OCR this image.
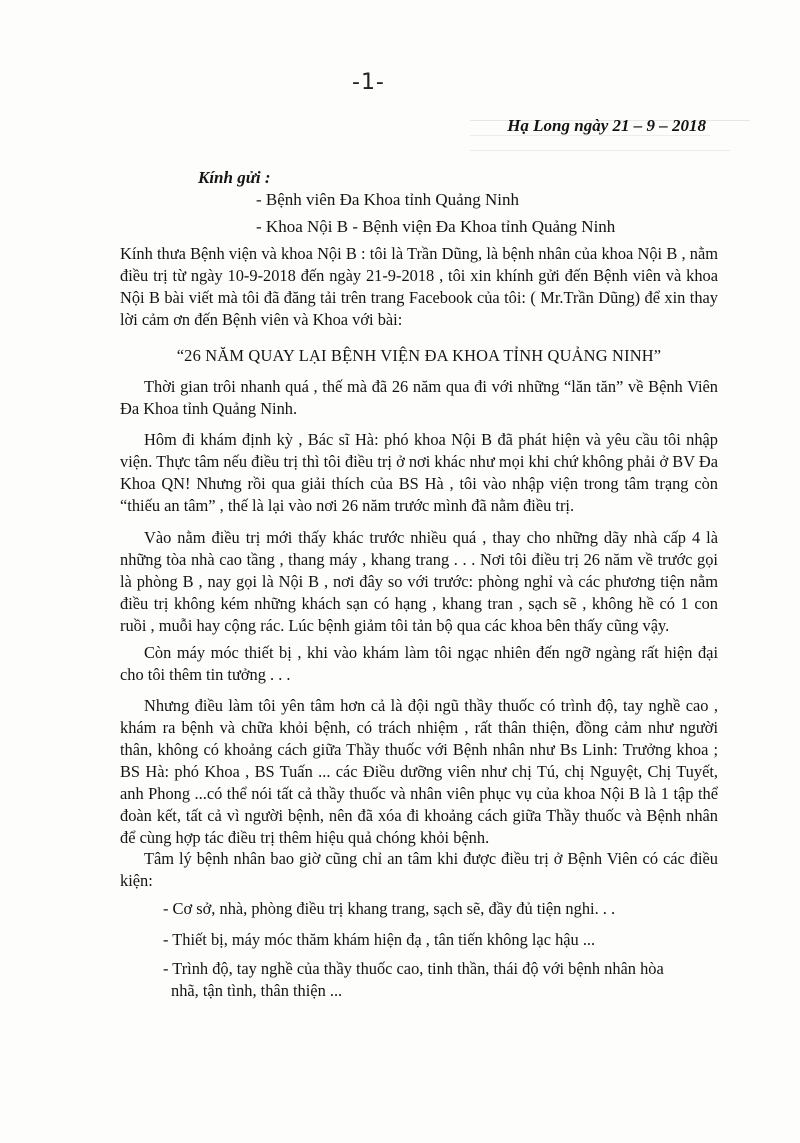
-1-
Hạ Long ngày 21 – 9 – 2018
Kính gửi :
- Bệnh viên Đa Khoa tỉnh Quảng Ninh
- Khoa Nội B - Bệnh viện Đa Khoa tỉnh Quảng Ninh

Kính thưa Bệnh viện và khoa Nội B : tôi là Trần Dũng, là bệnh nhân của khoa Nội B , nằm điều trị từ ngày 10-9-2018 đến ngày 21-9-2018 , tôi xin khính gửi đến Bệnh viên và khoa Nội B bài viết mà tôi đã đăng tải trên trang Facebook của tôi: ( Mr.Trần Dũng) để xin thay lời cảm ơn đến Bệnh viên và Khoa với bài:

“26 NĂM QUAY LẠI BỆNH VIỆN ĐA KHOA TỈNH QUẢNG NINH”

Thời gian trôi nhanh quá , thế mà đã 26 năm qua đi với những “lăn tăn” về Bệnh Viên Đa Khoa tỉnh Quảng Ninh.

Hôm đi khám định kỳ , Bác sĩ Hà: phó khoa Nội B đã phát hiện và yêu cầu tôi nhập viện. Thực tâm nếu điều trị thì tôi điều trị ở nơi khác như mọi khi chứ không phải ở BV Đa Khoa QN! Nhưng rồi qua giải thích của BS Hà , tôi vào nhập viện trong tâm trạng còn “thiếu an tâm” , thế là lại vào nơi 26 năm trước mình đã nằm điều trị.

Vào nằm điều trị mới thấy khác trước nhiều quá , thay cho những dãy nhà cấp 4 là những tòa nhà cao tầng , thang máy , khang trang . . . Nơi tôi điều trị 26 năm về trước gọi là phòng B , nay gọi là Nội B , nơi đây so với trước: phòng nghỉ và các phương tiện nằm điều trị không kém những khách sạn có hạng , khang tran , sạch sẽ , không hề có 1 con ruồi , muỗi hay cộng rác. Lúc bệnh giảm tôi tản bộ qua các khoa bên thấy cũng vậy.

Còn máy móc thiết bị , khi vào khám làm tôi ngạc nhiên đến ngỡ ngàng rất hiện đại cho tôi thêm tin tưởng . . .

Nhưng điều làm tôi yên tâm hơn cả là đội ngũ thầy thuốc có trình độ, tay nghề cao , khám ra bệnh và chữa khỏi bệnh, có trách nhiệm , rất thân thiện, đồng cảm như người thân, không có khoảng cách giữa Thầy thuốc với Bệnh nhân như Bs Linh: Trưởng khoa ; BS Hà: phó Khoa , BS Tuấn ... các Điều dưỡng viên như chị Tú, chị Nguyệt, Chị Tuyết, anh Phong ...có thể nói tất cả thầy thuốc và nhân viên phục vụ của khoa Nội B là 1 tập thể đoàn kết, tất cả vì người bệnh, nên đã xóa đi khoảng cách giữa Thầy thuốc và Bệnh nhân để cùng hợp tác điều trị thêm hiệu quả chóng khỏi bệnh.

Tâm lý bệnh nhân bao giờ cũng chỉ an tâm khi được điều trị ở Bệnh Viên có các điều kiện:

- Cơ sở, nhà, phòng điều trị khang trang, sạch sẽ, đầy đủ tiện nghi. . .
- Thiết bị, máy móc thăm khám hiện đạ , tân tiến không lạc hậu ...
- Trình độ, tay nghề của thầy thuốc cao, tinh thần, thái độ với bệnh nhân hòa nhã, tận tình, thân thiện ...
